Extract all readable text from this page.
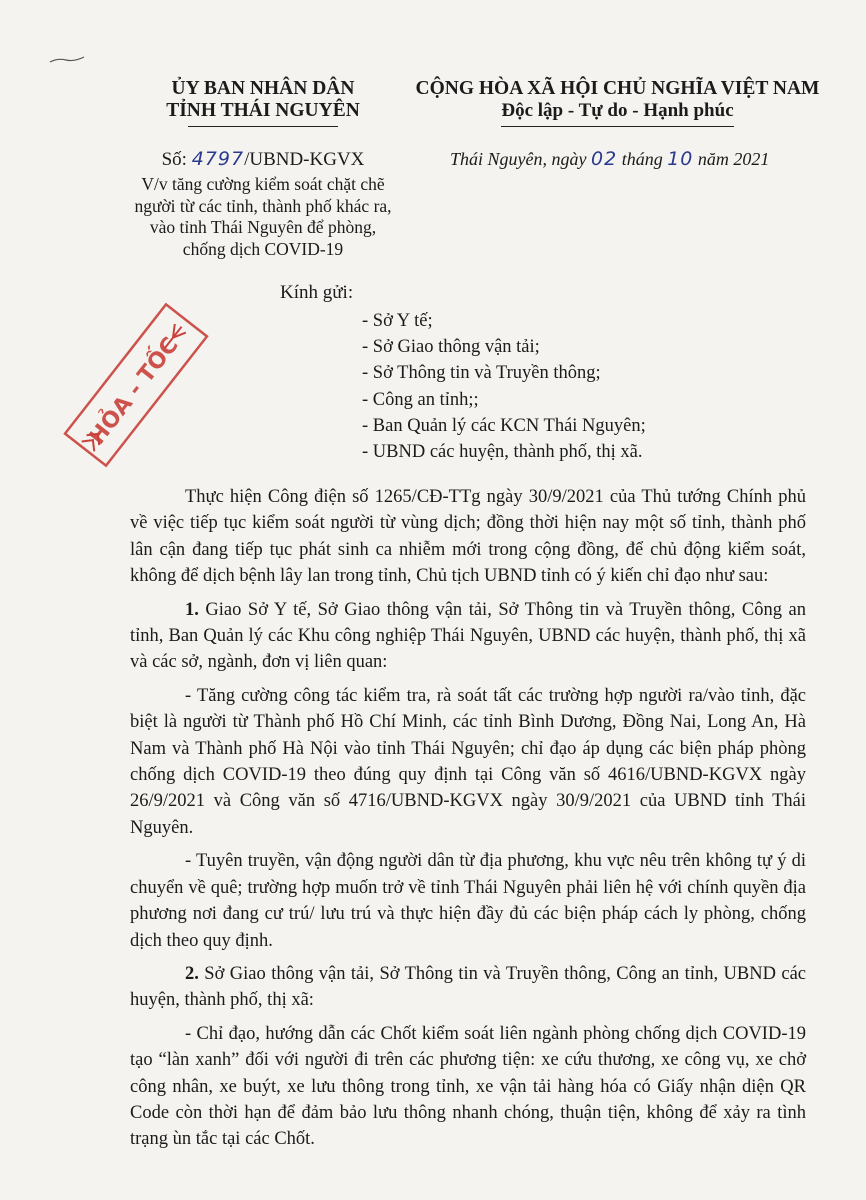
ỦY BAN NHÂN DÂN
TỈNH THÁI NGUYÊN
CỘNG HÒA XÃ HỘI CHỦ NGHĨA VIỆT NAM
Độc lập - Tự do - Hạnh phúc
Số: 4797/UBND-KGVX
V/v tăng cường kiểm soát chặt chẽ
người từ các tỉnh, thành phố khác ra,
vào tỉnh Thái Nguyên để phòng,
chống dịch COVID-19
Thái Nguyên, ngày 02 tháng 10 năm 2021
Kính gửi:
- Sở Y tế;
- Sở Giao thông vận tải;
- Sở Thông tin và Truyền thông;
- Công an tỉnh;;
- Ban Quản lý các KCN Thái Nguyên;
- UBND các huyện, thành phố, thị xã.
HỎA - TỐC

Thực hiện Công điện số 1265/CĐ-TTg ngày 30/9/2021 của Thủ tướng Chính phủ về việc tiếp tục kiểm soát người từ vùng dịch; đồng thời hiện nay một số tỉnh, thành phố lân cận đang tiếp tục phát sinh ca nhiễm mới trong cộng đồng, để chủ động kiểm soát, không để dịch bệnh lây lan trong tỉnh, Chủ tịch UBND tỉnh có ý kiến chỉ đạo như sau:

1. Giao Sở Y tế, Sở Giao thông vận tải, Sở Thông tin và Truyền thông, Công an tỉnh, Ban Quản lý các Khu công nghiệp Thái Nguyên, UBND các huyện, thành phố, thị xã và các sở, ngành, đơn vị liên quan:

- Tăng cường công tác kiểm tra, rà soát tất các trường hợp người ra/vào tỉnh, đặc biệt là người từ Thành phố Hồ Chí Minh, các tỉnh Bình Dương, Đồng Nai, Long An, Hà Nam và Thành phố Hà Nội vào tỉnh Thái Nguyên; chỉ đạo áp dụng các biện pháp phòng chống dịch COVID-19 theo đúng quy định tại Công văn số 4616/UBND-KGVX ngày 26/9/2021 và Công văn số 4716/UBND-KGVX ngày 30/9/2021 của UBND tỉnh Thái Nguyên.

- Tuyên truyền, vận động người dân từ địa phương, khu vực nêu trên không tự ý di chuyển về quê; trường hợp muốn trở về tỉnh Thái Nguyên phải liên hệ với chính quyền địa phương nơi đang cư trú/ lưu trú và thực hiện đầy đủ các biện pháp cách ly phòng, chống dịch theo quy định.

2. Sở Giao thông vận tải, Sở Thông tin và Truyền thông, Công an tỉnh, UBND các huyện, thành phố, thị xã:

- Chỉ đạo, hướng dẫn các Chốt kiểm soát liên ngành phòng chống dịch COVID-19 tạo “làn xanh” đối với người đi trên các phương tiện: xe cứu thương, xe công vụ, xe chở công nhân, xe buýt, xe lưu thông trong tỉnh, xe vận tải hàng hóa có Giấy nhận diện QR Code còn thời hạn để đảm bảo lưu thông nhanh chóng, thuận tiện, không để xảy ra tình trạng ùn tắc tại các Chốt.
